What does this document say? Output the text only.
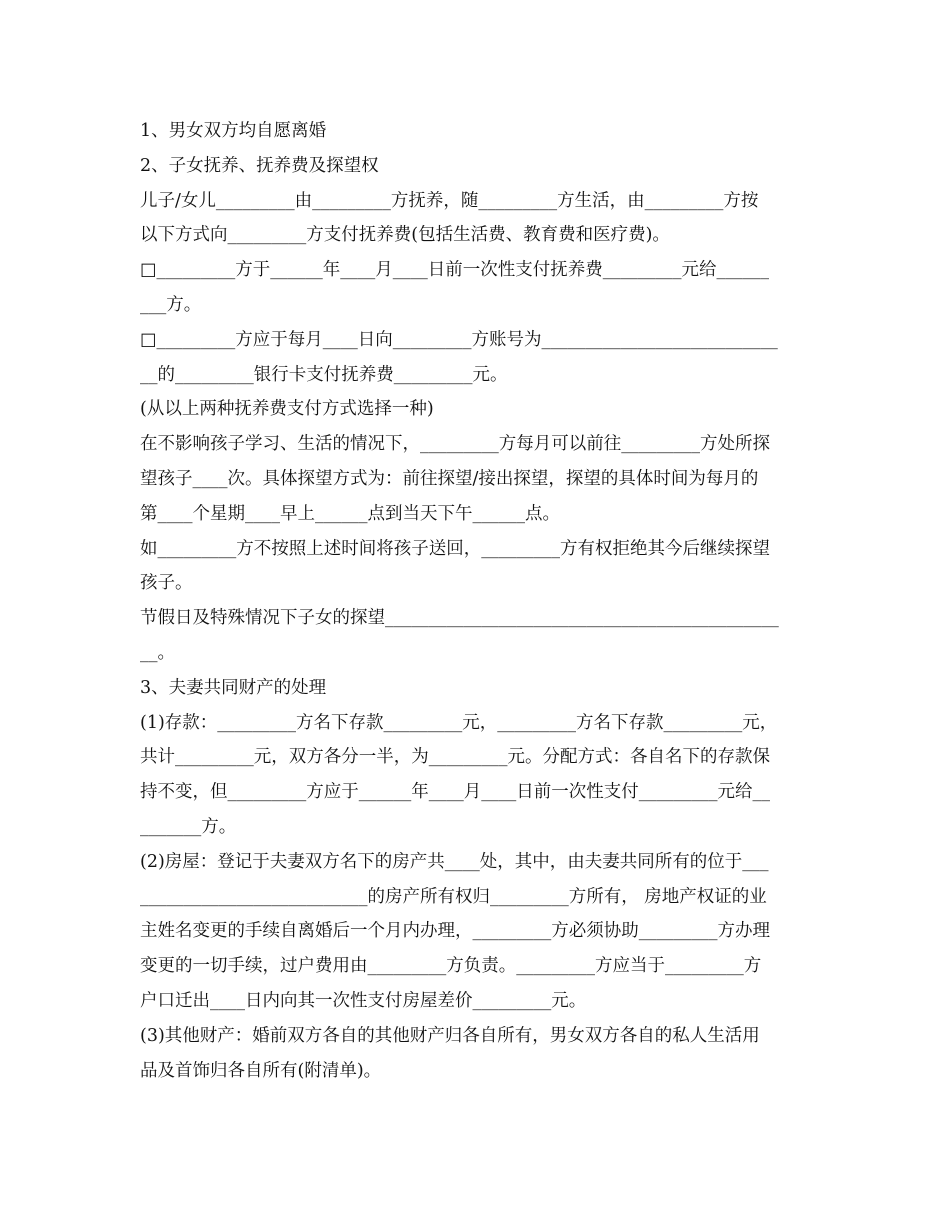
1、男女双方均自愿离婚
2、子女抚养、抚养费及探望权
儿子/女儿_________由_________方抚养，随_________方生活，由_________方按
以下方式向_________方支付抚养费(包括生活费、教育费和医疗费)。
□_________方于______年____月____日前一次性支付抚养费_________元给______
___方。
□_________方应于每月____日向_________方账号为___________________________
__的_________银行卡支付抚养费_________元。
(从以上两种抚养费支付方式选择一种)
在不影响孩子学习、生活的情况下，_________方每月可以前往_________方处所探
望孩子____次。具体探望方式为：前往探望/接出探望，探望的具体时间为每月的
第____个星期____早上______点到当天下午______点。
如_________方不按照上述时间将孩子送回，_________方有权拒绝其今后继续探望
孩子。
节假日及特殊情况下子女的探望_____________________________________________
__。
3、夫妻共同财产的处理
(1)存款：_________方名下存款_________元，_________方名下存款_________元，
共计_________元，双方各分一半，为_________元。分配方式：各自名下的存款保
持不变，但_________方应于______年____月____日前一次性支付_________元给__
_______方。
(2)房屋：登记于夫妻双方名下的房产共____处，其中，由夫妻共同所有的位于___
__________________________的房产所有权归_________方所有， 房地产权证的业
主姓名变更的手续自离婚后一个月内办理，_________方必须协助_________方办理
变更的一切手续，过户费用由_________方负责。_________方应当于_________方
户口迁出____日内向其一次性支付房屋差价_________元。
(3)其他财产：婚前双方各自的其他财产归各自所有，男女双方各自的私人生活用
品及首饰归各自所有(附清单)。
